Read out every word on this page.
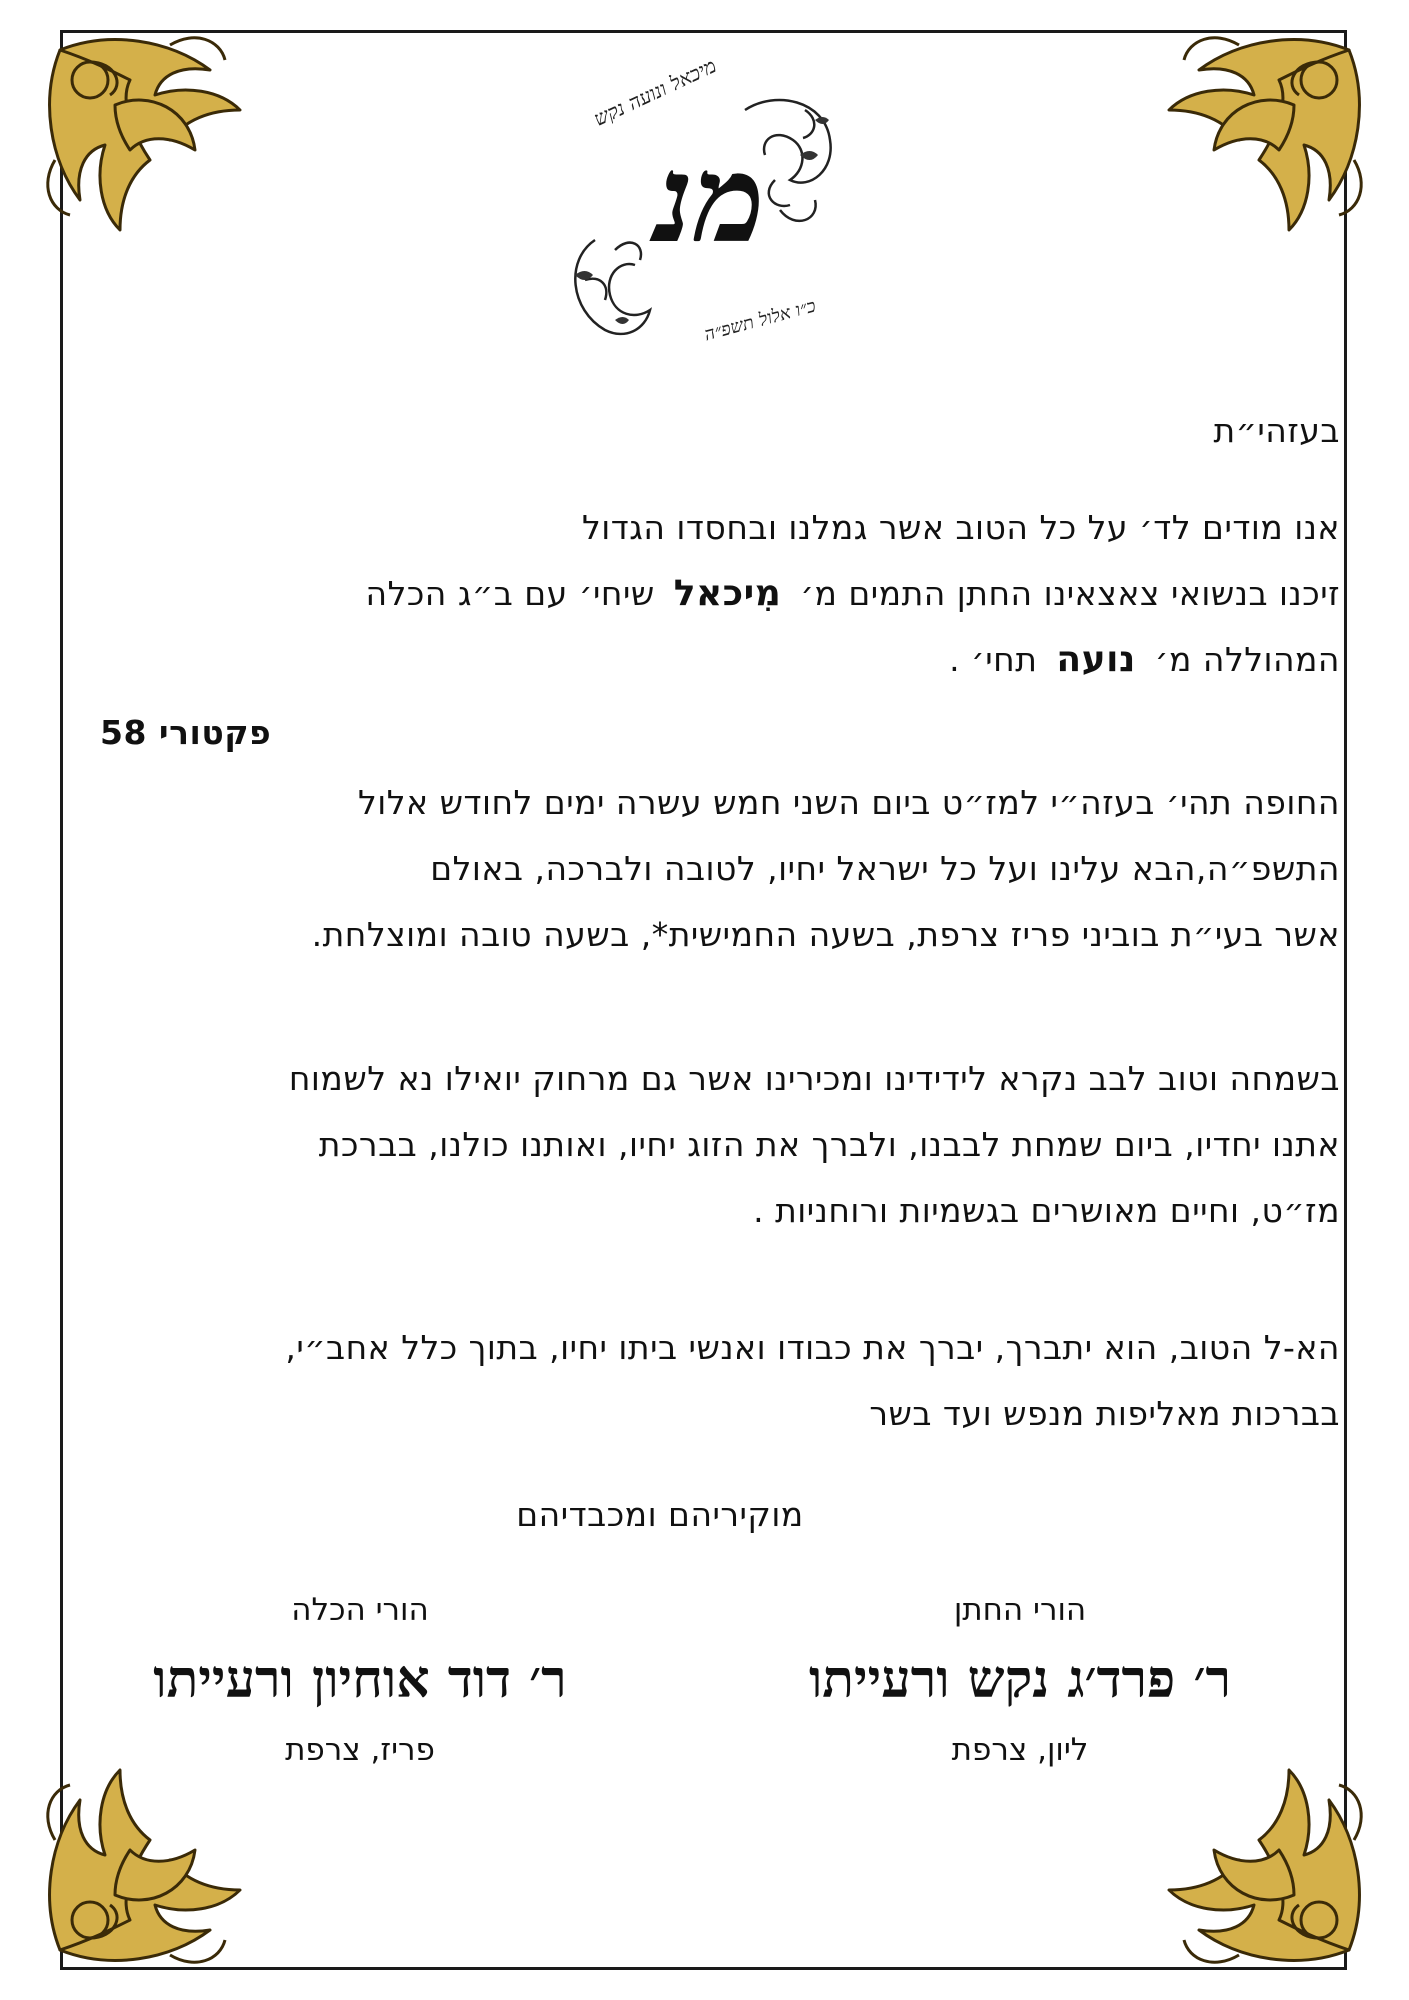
מיכאל ונועה נקש
מנ
כ״ו אלול תשפ״ה
בעזהי״ת
אנו מודים לד׳ על כל הטוב אשר גמלנו ובחסדו הגדול
זיכנו בנשואי צאצאינו החתן התמים מ׳ מִיכאל שיחי׳ עם ב״ג הכלה
המהוללה מ׳ נועה תחי׳ .
פקטורי 58
החופה תהי׳ בעזה״י למז״ט ביום השני חמש עשרה ימים לחודש אלול
התשפ״ה,הבא עלינו ועל כל ישראל יחיו, לטובה ולברכה, באולם
אשר בעי״ת בוביני פריז צרפת, בשעה החמישית*, בשעה טובה ומוצלחת.
בשמחה וטוב לבב נקרא לידידינו ומכירינו אשר גם מרחוק יואילו נא לשמוח
אתנו יחדיו, ביום שמחת לבבנו, ולברך את הזוג יחיו, ואותנו כולנו, בברכת
מז״ט, וחיים מאושרים בגשמיות ורוחניות .
הא-ל הטוב, הוא יתברך, יברך את כבודו ואנשי ביתו יחיו, בתוך כלל אחב״י,
בברכות מאליפות מנפש ועד בשר
מוקיריהם ומכבדיהם
הורי החתן
ר׳ פרד׳ג נקש ורעייתו
ליון, צרפת
הורי הכלה
ר׳ דוד אוחיון ורעייתו
פריז, צרפת
